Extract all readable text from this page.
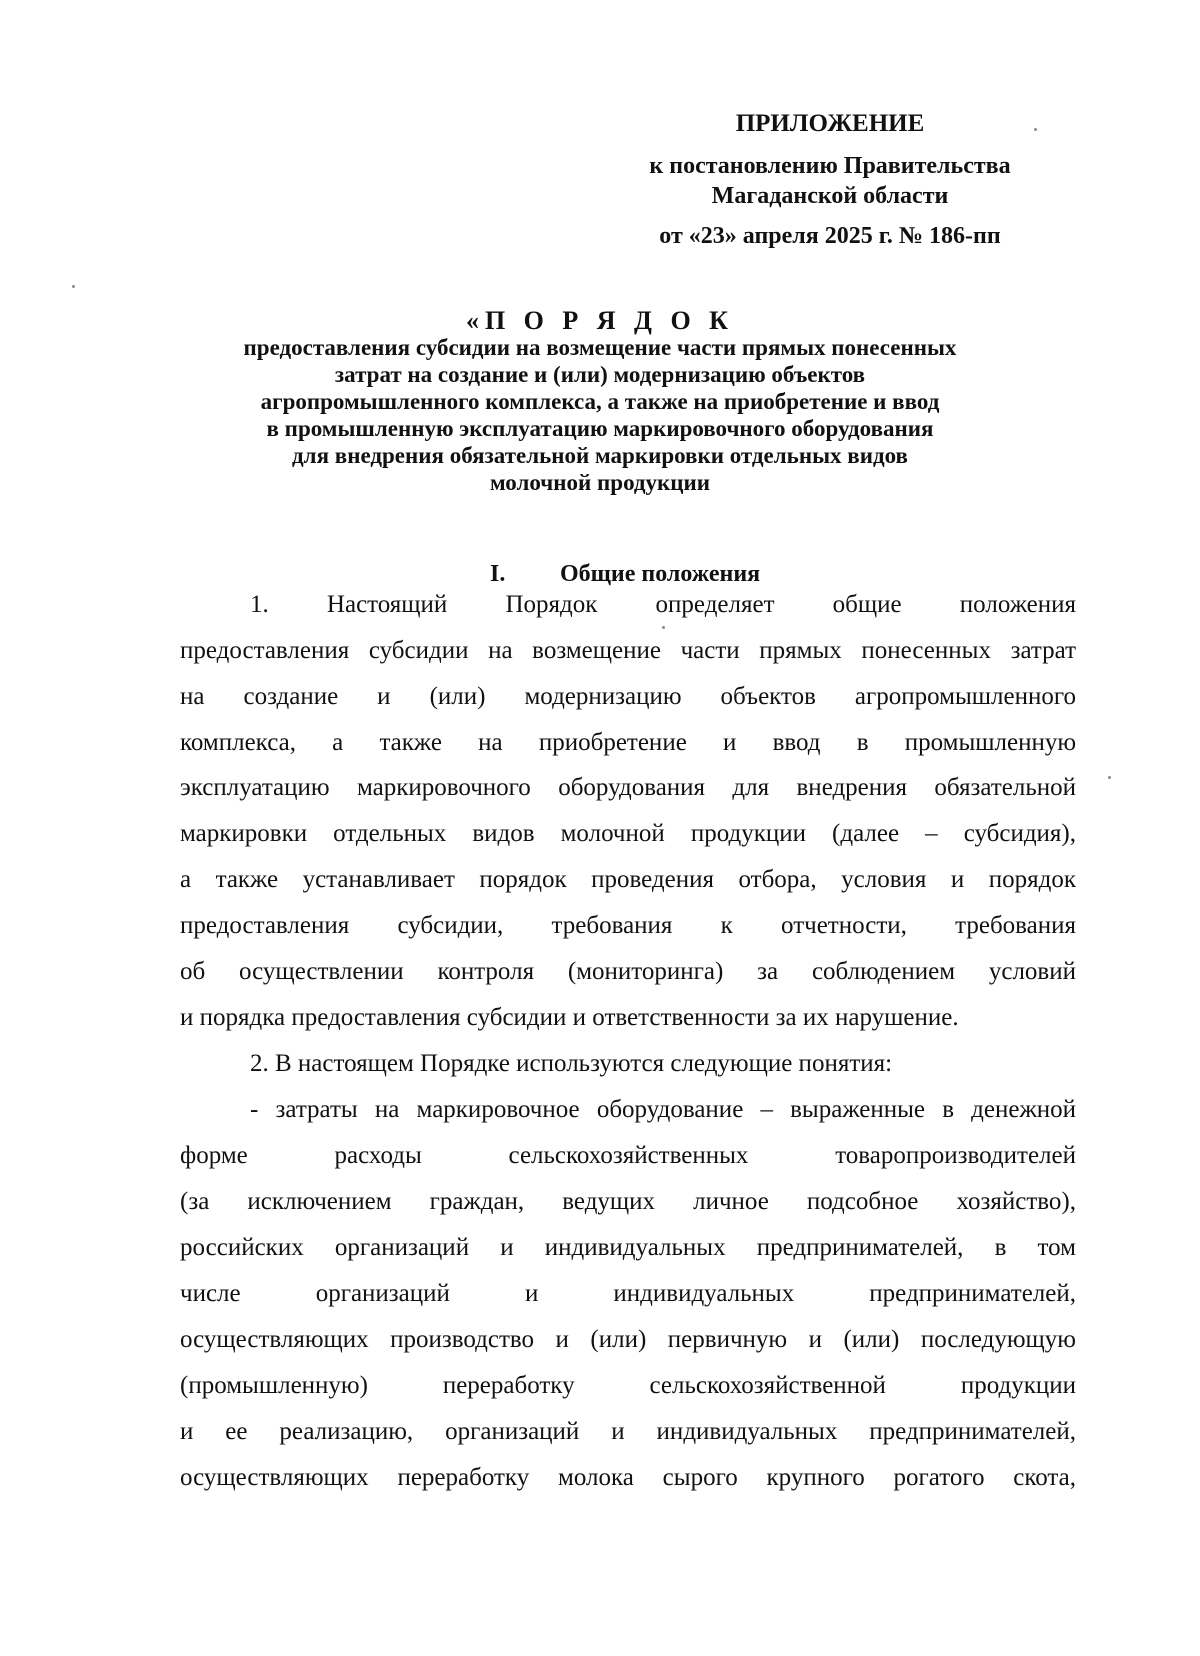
ПРИЛОЖЕНИЕ
к постановлению Правительства
Магаданской области
от «23» апреля 2025 г. № 186-пп
«П О Р Я Д О К
предоставления субсидии на возмещение части прямых понесенных
затрат на создание и (или) модернизацию объектов
агропромышленного комплекса, а также на приобретение и ввод
в промышленную эксплуатацию маркировочного оборудования
для внедрения обязательной маркировки отдельных видов
молочной продукции
I.	Общие положения
1. Настоящий Порядок определяет общие положения
предоставления субсидии на возмещение части прямых понесенных затрат
на создание и (или) модернизацию объектов агропромышленного
комплекса, а также на приобретение и ввод в промышленную
эксплуатацию маркировочного оборудования для внедрения обязательной
маркировки отдельных видов молочной продукции (далее – субсидия),
а также устанавливает порядок проведения отбора, условия и порядок
предоставления субсидии, требования к отчетности, требования
об осуществлении контроля (мониторинга) за соблюдением условий
и порядка предоставления субсидии и ответственности за их нарушение.
2. В настоящем Порядке используются следующие понятия:
- затраты на маркировочное оборудование – выраженные в денежной
форме расходы сельскохозяйственных товаропроизводителей
(за исключением граждан, ведущих личное подсобное хозяйство),
российских организаций и индивидуальных предпринимателей, в том
числе организаций и индивидуальных предпринимателей,
осуществляющих производство и (или) первичную и (или) последующую
(промышленную) переработку сельскохозяйственной продукции
и ее реализацию, организаций и индивидуальных предпринимателей,
осуществляющих переработку молока сырого крупного рогатого скота,
